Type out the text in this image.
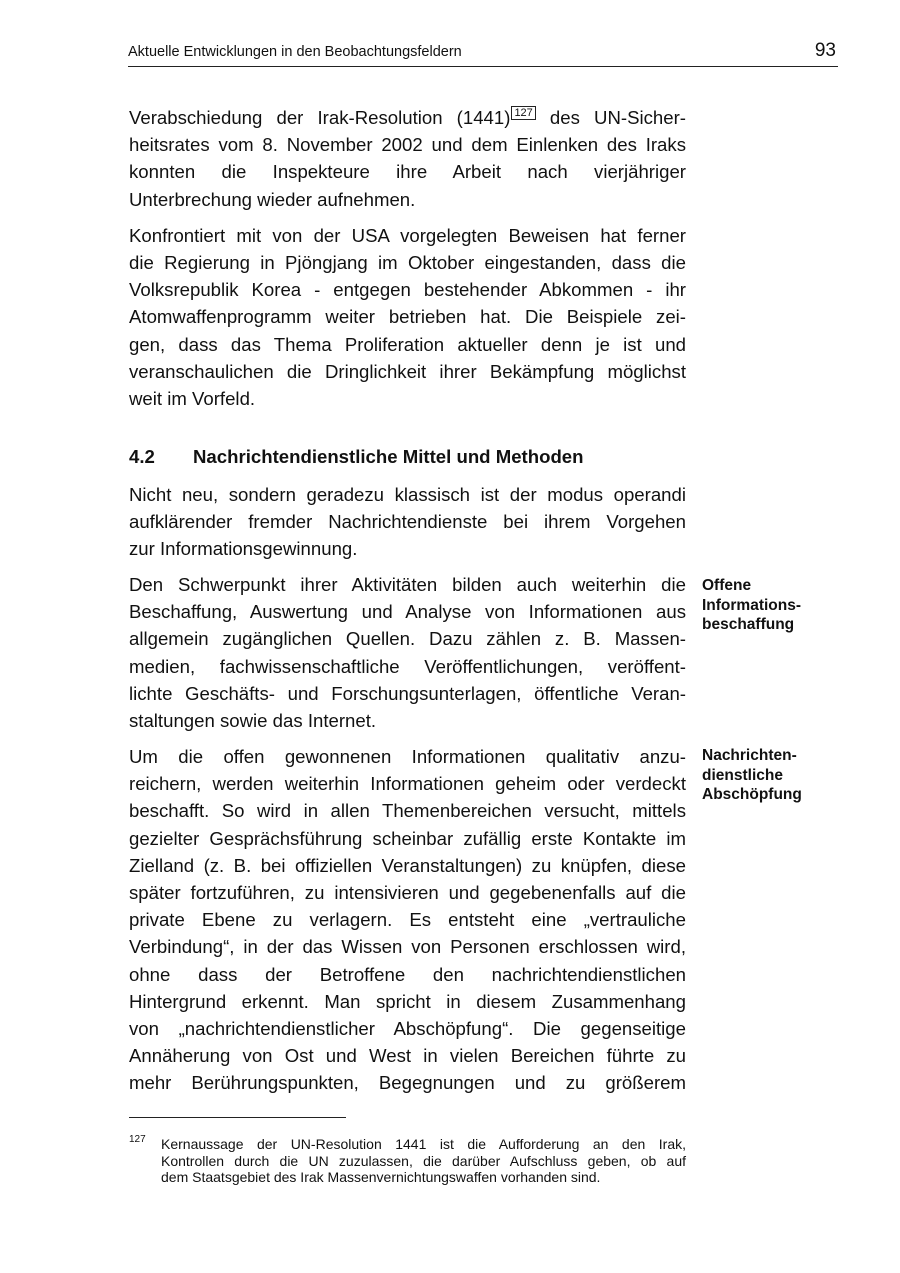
Aktuelle Entwicklungen in den Beobachtungsfeldern	93

Verabschiedung der Irak-Resolution (1441) 127 des UN-Sicher-
heitsrates vom 8. November 2002 und dem Einlenken des Iraks
konnten die Inspekteure ihre Arbeit nach vierjähriger
Unterbrechung wieder aufnehmen.

Konfrontiert mit von der USA vorgelegten Beweisen hat ferner
die Regierung in Pjöngjang im Oktober eingestanden, dass die
Volksrepublik Korea - entgegen bestehender Abkommen - ihr
Atomwaffenprogramm weiter betrieben hat. Die Beispiele zei-
gen, dass das Thema Proliferation aktueller denn je ist und
veranschaulichen die Dringlichkeit ihrer Bekämpfung möglichst
weit im Vorfeld.

4.2 Nachrichtendienstliche Mittel und Methoden

Nicht neu, sondern geradezu klassisch ist der modus operandi
aufklärender fremder Nachrichtendienste bei ihrem Vorgehen
zur Informationsgewinnung.

Den Schwerpunkt ihrer Aktivitäten bilden auch weiterhin die
Beschaffung, Auswertung und Analyse von Informationen aus
allgemein zugänglichen Quellen. Dazu zählen z. B. Massen-
medien, fachwissenschaftliche Veröffentlichungen, veröffent-
lichte Geschäfts- und Forschungsunterlagen, öffentliche Veran-
staltungen sowie das Internet.

Offene
Informations-
beschaffung

Um die offen gewonnenen Informationen qualitativ anzu-
reichern, werden weiterhin Informationen geheim oder verdeckt
beschafft. So wird in allen Themenbereichen versucht, mittels
gezielter Gesprächsführung scheinbar zufällig erste Kontakte im
Zielland (z. B. bei offiziellen Veranstaltungen) zu knüpfen, diese
später fortzuführen, zu intensivieren und gegebenenfalls auf die
private Ebene zu verlagern. Es entsteht eine „vertrauliche
Verbindung“, in der das Wissen von Personen erschlossen wird,
ohne dass der Betroffene den nachrichtendienstlichen
Hintergrund erkennt. Man spricht in diesem Zusammenhang
von „nachrichtendienstlicher Abschöpfung“. Die gegenseitige
Annäherung von Ost und West in vielen Bereichen führte zu
mehr Berührungspunkten, Begegnungen und zu größerem

Nachrichten-
dienstliche
Abschöpfung

127 Kernaussage der UN-Resolution 1441 ist die Aufforderung an den Irak,
Kontrollen durch die UN zuzulassen, die darüber Aufschluss geben, ob auf
dem Staatsgebiet des Irak Massenvernichtungswaffen vorhanden sind.
